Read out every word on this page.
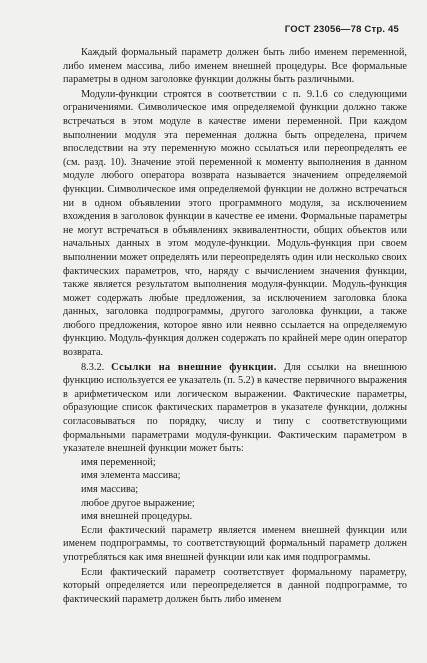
ГОСТ 23056—78 Стр. 45

Каждый формальный параметр должен быть либо именем переменной, либо именем массива, либо именем внешней процедуры. Все формальные параметры в одном заголовке функции должны быть различными.

Модули-функции строятся в соответствии с п. 9.1.6 со следующими ограничениями. Символическое имя определяемой функции должно также встречаться в этом модуле в качестве имени переменной. При каждом выполнении модуля эта переменная должна быть определена, причем впоследствии на эту переменную можно ссылаться или переопределять ее (см. разд. 10). Значение этой переменной к моменту выполнения в данном модуле любого оператора возврата называется значением определяемой функции. Символическое имя определяемой функции не должно встречаться ни в одном объявлении этого программного модуля, за исключением вхождения в заголовок функции в качестве ее имени. Формальные параметры не могут встречаться в объявлениях эквивалентности, общих объектов или начальных данных в этом модуле-функции. Модуль-функция при своем выполнении может определять или переопределять один или несколько своих фактических параметров, что, наряду с вычислением значения функции, также является результатом выполнения модуля-функции. Модуль-функция может содержать любые предложения, за исключением заголовка блока данных, заголовка подпрограммы, другого заголовка функции, а также любого предложения, которое явно или неявно ссылается на определяемую функцию. Модуль-функция должен содержать по крайней мере один оператор возврата.

8.3.2. Ссылки на внешние функции. Для ссылки на внешнюю функцию используется ее указатель (п. 5.2) в качестве первичного выражения в арифметическом или логическом выражении. Фактические параметры, образующие список фактических параметров в указателе функции, должны согласовываться по порядку, числу и типу с соответствующими формальными параметрами модуля-функции. Фактическим параметром в указателе внешней функции может быть:

имя переменной;
имя элемента массива;
имя массива;
любое другое выражение;
имя внешней процедуры.

Если фактический параметр является именем внешней функции или именем подпрограммы, то соответствующий формальный параметр должен употребляться как имя внешней функции или как имя подпрограммы.

Если фактический параметр соответствует формальному параметру, который определяется или переопределяется в данной подпрограмме, то фактический параметр должен быть либо именем
